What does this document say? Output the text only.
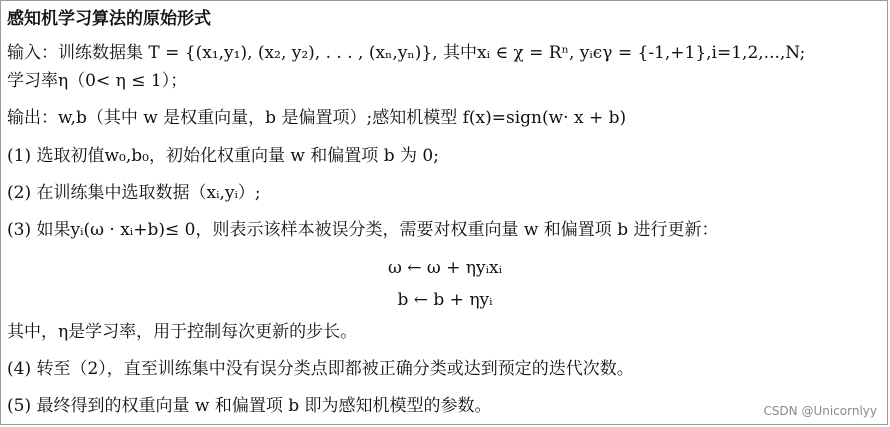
感知机学习算法的原始形式
输入：训练数据集 T = {(x₁,y₁), (x₂, y₂), . . . , (xₙ,yₙ)}, 其中xᵢ ∈ χ = Rⁿ, yᵢϵγ = {-1,+1},i=1,2,...,N;
学习率η（0< η ≤ 1）；
输出：w,b（其中 w 是权重向量，b 是偏置项）;感知机模型 f(x)=sign(w· x + b)
(1) 选取初值w₀,b₀，初始化权重向量 w 和偏置项 b 为 0;
(2) 在训练集中选取数据（xᵢ,yᵢ）;
(3) 如果yᵢ(ω · xᵢ+b)≤ 0，则表示该样本被误分类，需要对权重向量 w 和偏置项 b 进行更新：
ω ← ω + ηyᵢxᵢ
b ← b + ηyᵢ
其中，η是学习率，用于控制每次更新的步长。
(4) 转至（2），直至训练集中没有误分类点即都被正确分类或达到预定的迭代次数。
(5) 最终得到的权重向量 w 和偏置项 b 即为感知机模型的参数。	CSDN @Unicornlyy
